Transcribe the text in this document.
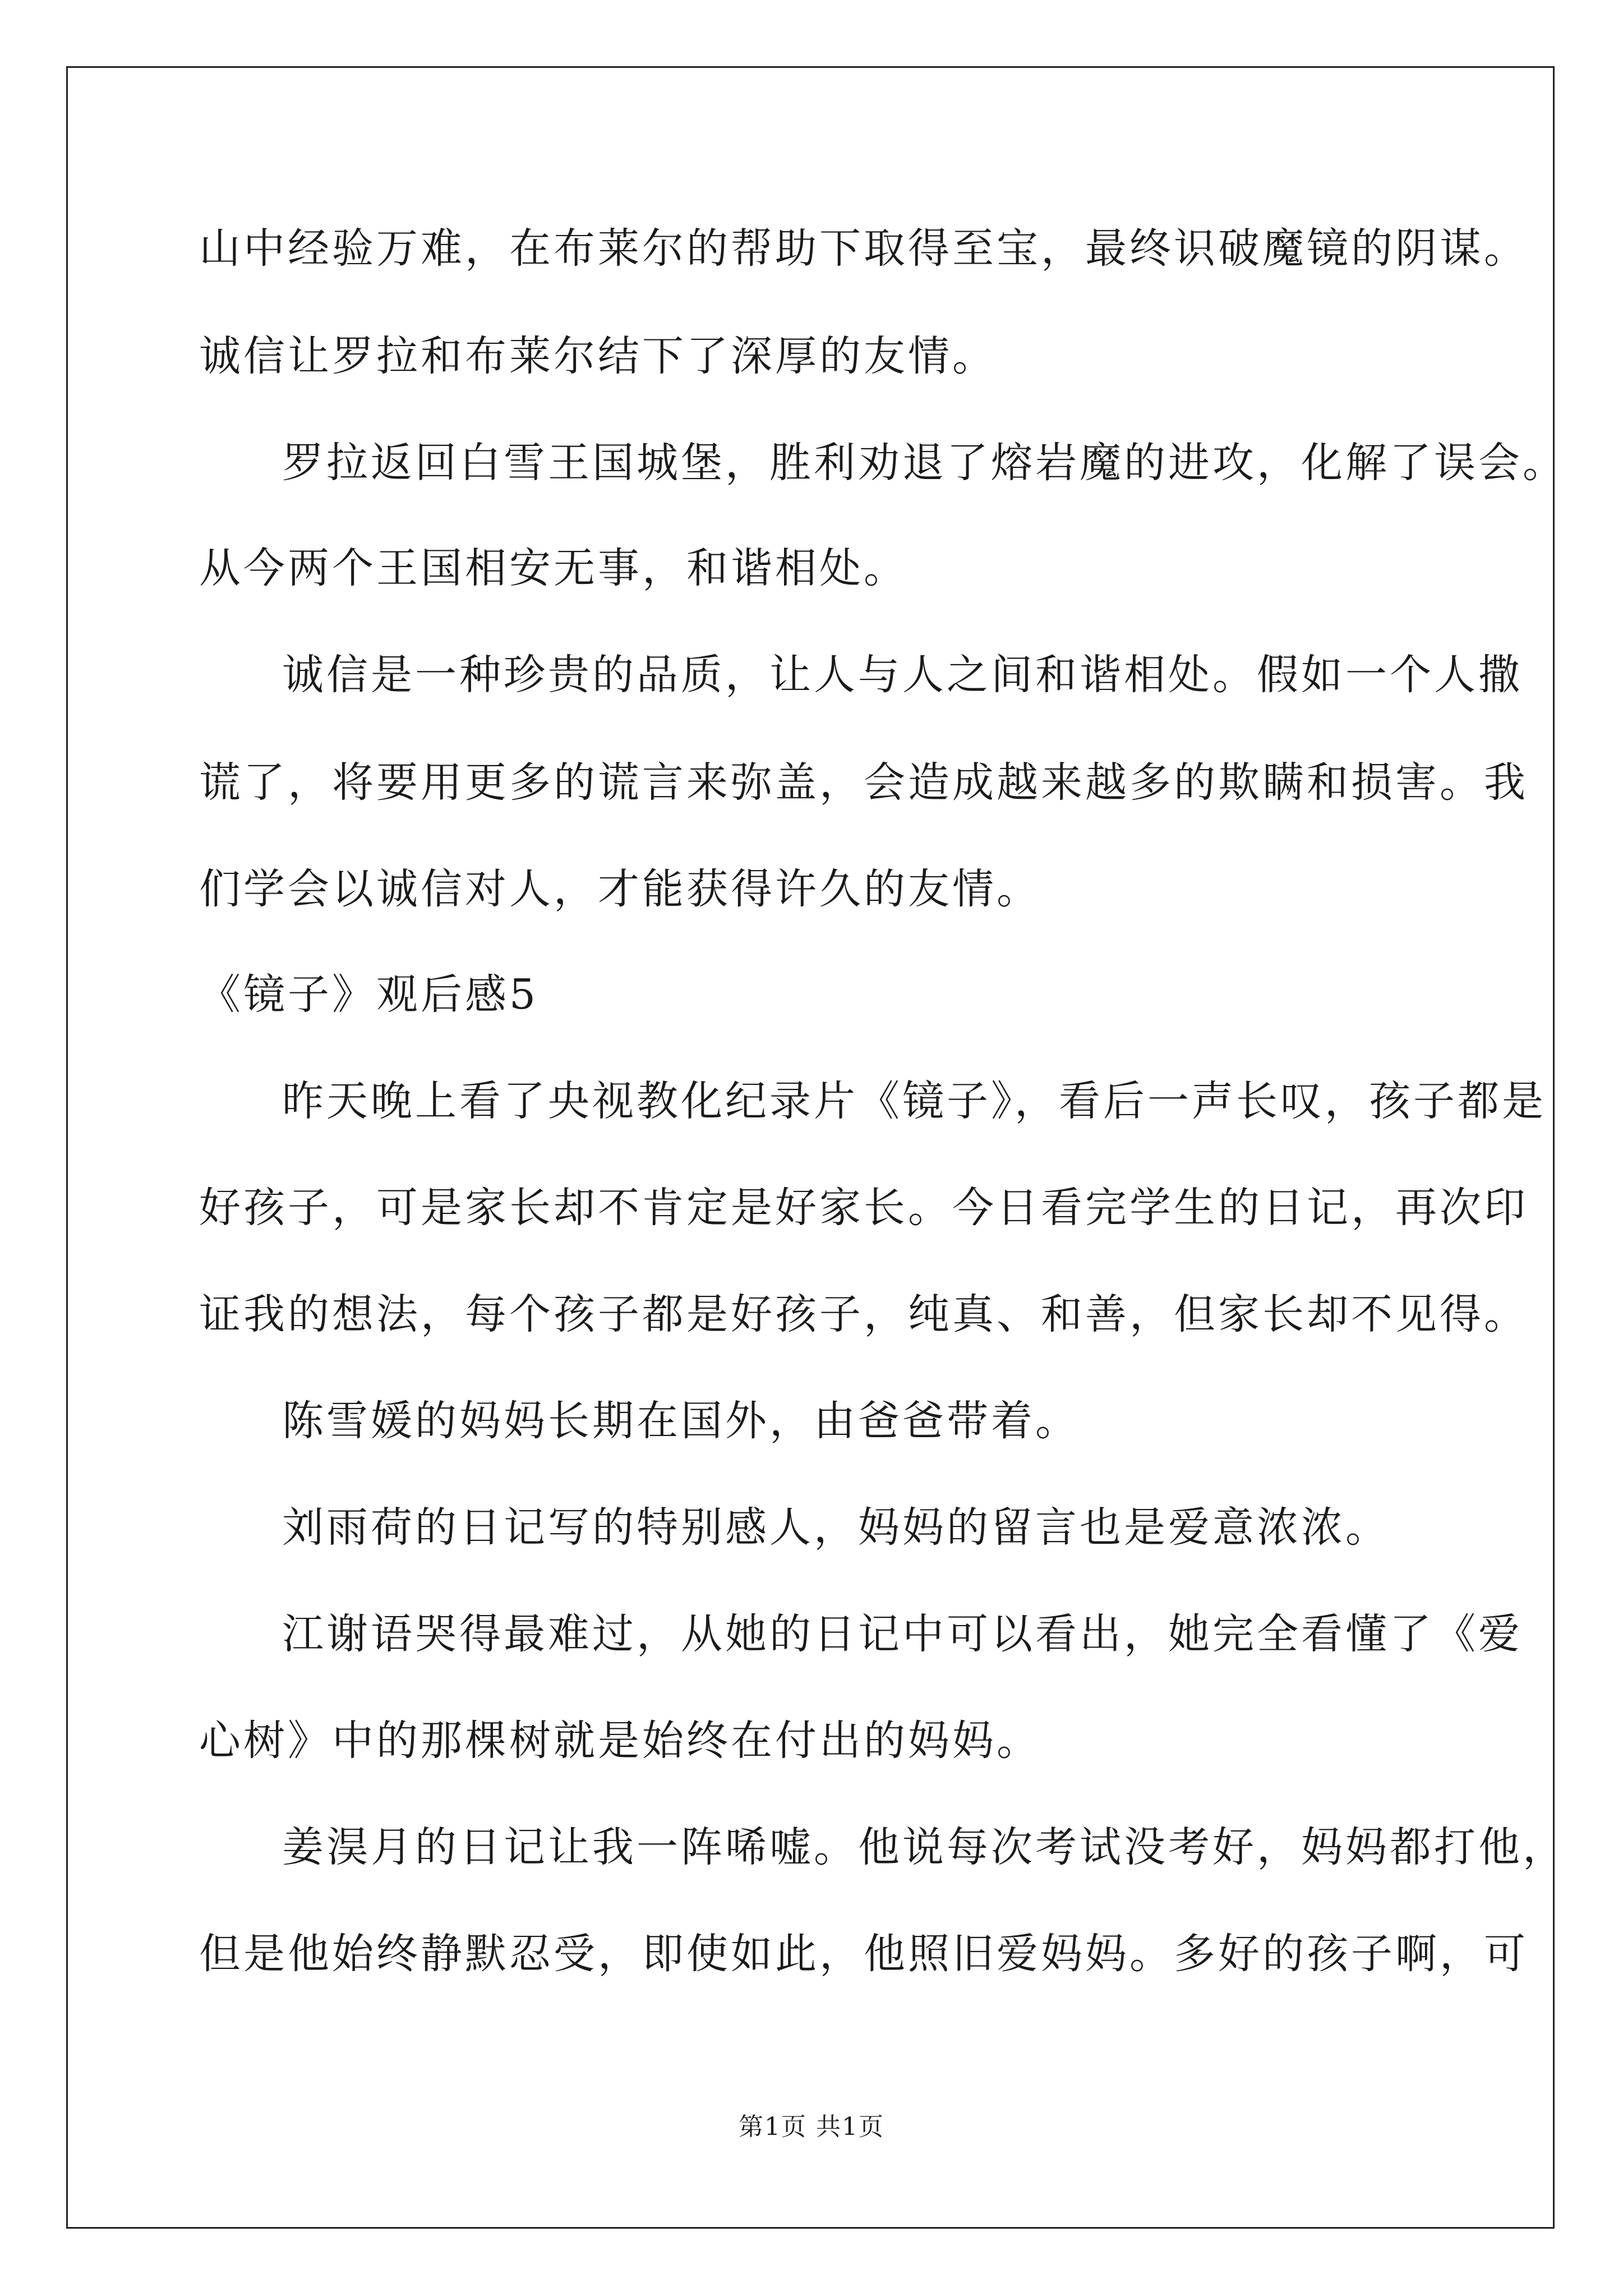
山中经验万难，在布莱尔的帮助下取得至宝，最终识破魔镜的阴谋。
诚信让罗拉和布莱尔结下了深厚的友情。
罗拉返回白雪王国城堡，胜利劝退了熔岩魔的进攻，化解了误会。
从今两个王国相安无事，和谐相处。
诚信是一种珍贵的品质，让人与人之间和谐相处。假如一个人撒
谎了，将要用更多的谎言来弥盖，会造成越来越多的欺瞒和损害。我
们学会以诚信对人，才能获得许久的友情。
《镜子》观后感5
昨天晚上看了央视教化纪录片《镜子》，看后一声长叹，孩子都是
好孩子，可是家长却不肯定是好家长。今日看完学生的日记，再次印
证我的想法，每个孩子都是好孩子，纯真、和善，但家长却不见得。
陈雪媛的妈妈长期在国外，由爸爸带着。
刘雨荷的日记写的特别感人，妈妈的留言也是爱意浓浓。
江谢语哭得最难过，从她的日记中可以看出，她完全看懂了《爱
心树》中的那棵树就是始终在付出的妈妈。
姜淏月的日记让我一阵唏嘘。他说每次考试没考好，妈妈都打他，
但是他始终静默忍受，即使如此，他照旧爱妈妈。多好的孩子啊，可
第1页 共1页
